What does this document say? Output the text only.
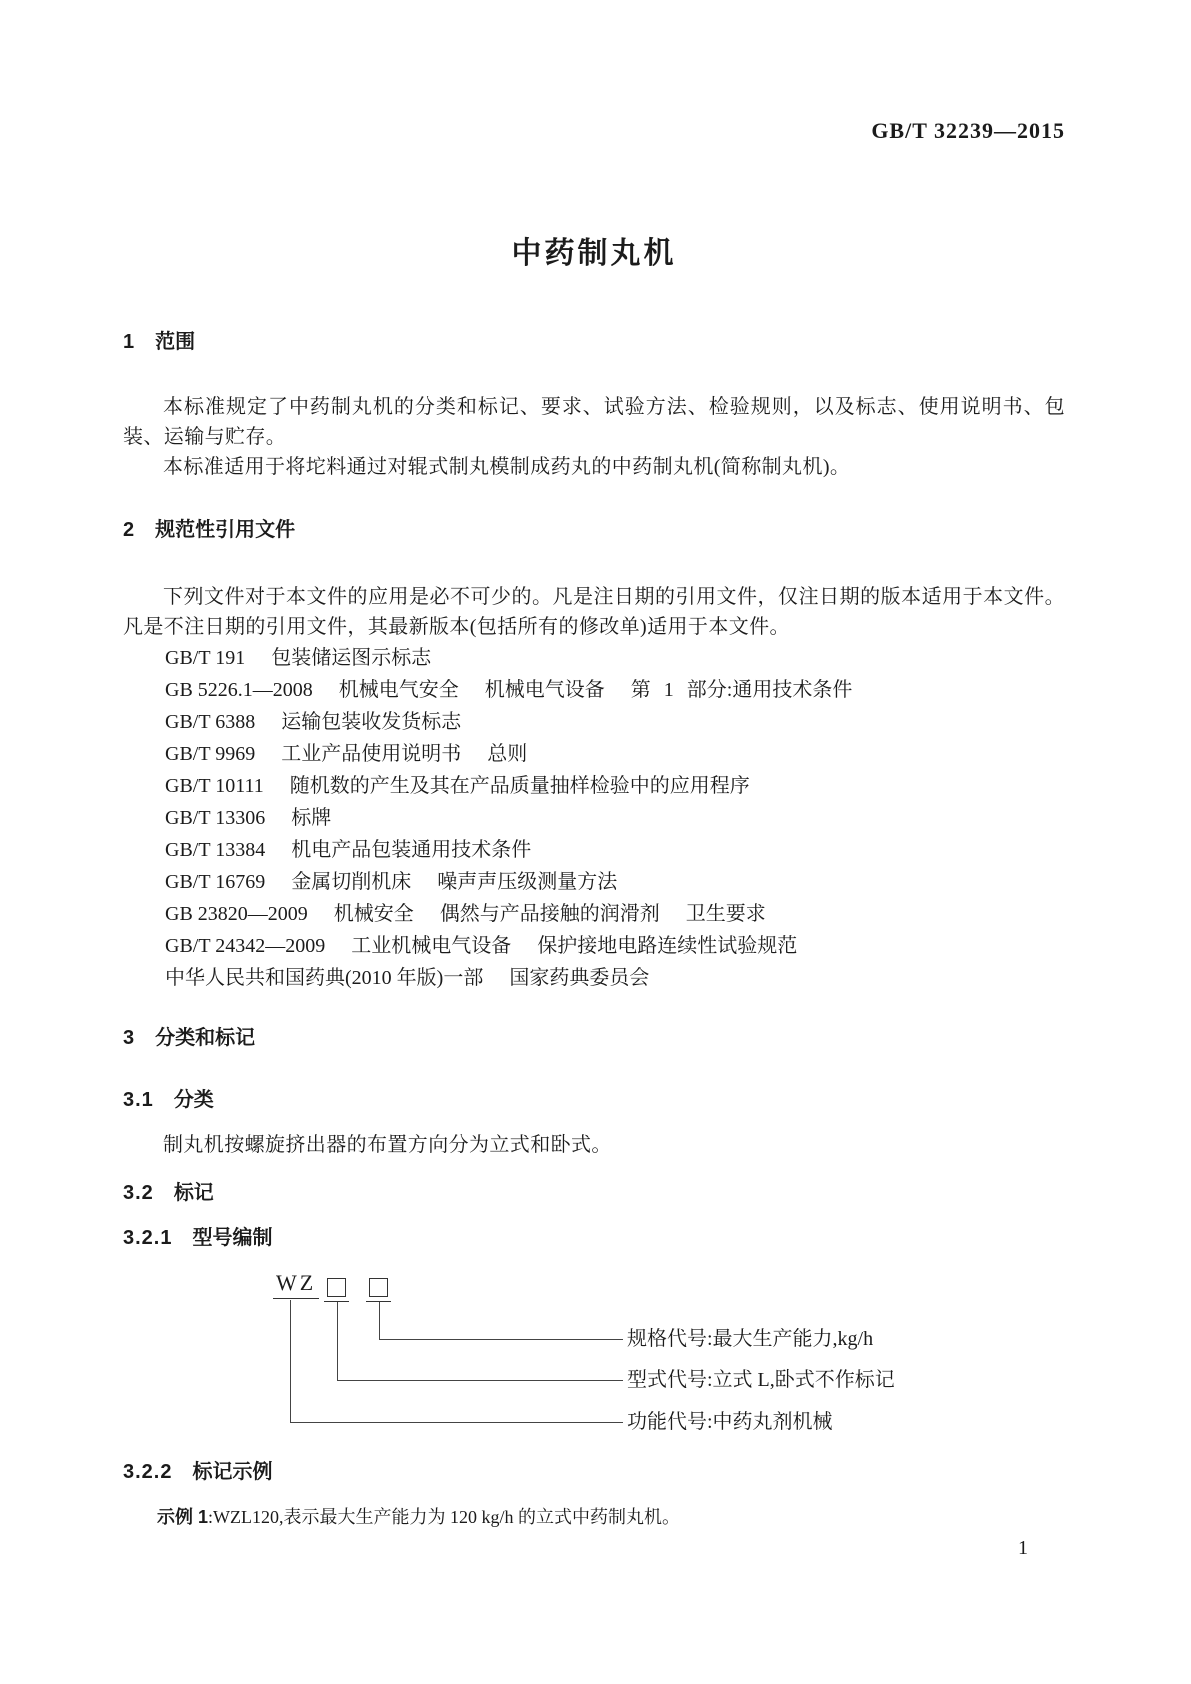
GB/T 32239—2015
中药制丸机
1 范围
本标准规定了中药制丸机的分类和标记、要求、试验方法、检验规则，以及标志、使用说明书、包装、运输与贮存。
本标准适用于将坨料通过对辊式制丸模制成药丸的中药制丸机(简称制丸机)。
2 规范性引用文件
下列文件对于本文件的应用是必不可少的。凡是注日期的引用文件，仅注日期的版本适用于本文件。凡是不注日期的引用文件，其最新版本(包括所有的修改单)适用于本文件。
GB/T 191 包装储运图示标志
GB 5226.1—2008 机械电气安全  机械电气设备  第 1 部分:通用技术条件
GB/T 6388 运输包装收发货标志
GB/T 9969 工业产品使用说明书  总则
GB/T 10111 随机数的产生及其在产品质量抽样检验中的应用程序
GB/T 13306 标牌
GB/T 13384 机电产品包装通用技术条件
GB/T 16769 金属切削机床  噪声声压级测量方法
GB 23820—2009 机械安全  偶然与产品接触的润滑剂  卫生要求
GB/T 24342—2009 工业机械电气设备  保护接地电路连续性试验规范
中华人民共和国药典(2010 年版)一部 国家药典委员会
3 分类和标记
3.1 分类
制丸机按螺旋挤出器的布置方向分为立式和卧式。
3.2 标记
3.2.1 型号编制
WZ
规格代号:最大生产能力,kg/h
型式代号:立式 L,卧式不作标记
功能代号:中药丸剂机械
3.2.2 标记示例
示例 1:WZL120,表示最大生产能力为 120 kg/h 的立式中药制丸机。
1
